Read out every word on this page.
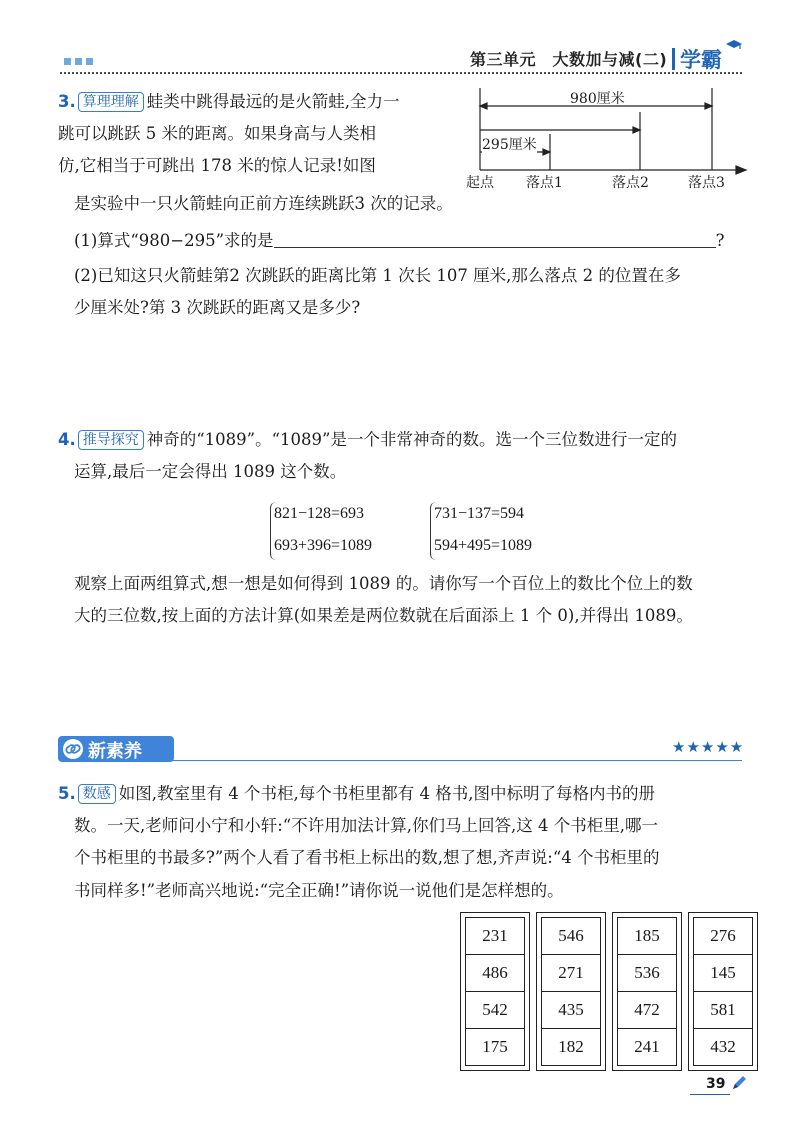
第三单元　大数加与减(二) 学霸
3. 算理理解 蛙类中跳得最远的是火箭蛙,全力一
跳可以跳跃 5 米的距离。如果身高与人类相
仿,它相当于可跳出 178 米的惊人记录!如图
是实验中一只火箭蛙向正前方连续跳跃3 次的记录。
980厘米
295厘米
起点 落点1	落点2	落点3
(1)算式“980−295”求的是	?
(2)已知这只火箭蛙第2 次跳跃的距离比第 1 次长 107 厘米,那么落点 2 的位置在多
少厘米处?第 3 次跳跃的距离又是多少?
4. 推导探究 神奇的“1089”。“1089”是一个非常神奇的数。选一个三位数进行一定的
运算,最后一定会得出 1089 这个数。
821−128=693
693+396=1089
731−137=594
594+495=1089
观察上面两组算式,想一想是如何得到 1089 的。请你写一个百位上的数比个位上的数
大的三位数,按上面的方法计算(如果差是两位数就在后面添上 1 个 0),并得出 1089。
新素养	★★★★★
5. 数感 如图,教室里有 4 个书柜,每个书柜里都有 4 格书,图中标明了每格内书的册
数。一天,老师问小宁和小轩:“不许用加法计算,你们马上回答,这 4 个书柜里,哪一
个书柜里的书最多?”两个人看了看书柜上标出的数,想了想,齐声说:“4 个书柜里的
书同样多!”老师高兴地说:“完全正确!”请你说一说他们是怎样想的。
231
486
542
175
546
271
435
182
185
536
472
241
276
145
581
432
39
